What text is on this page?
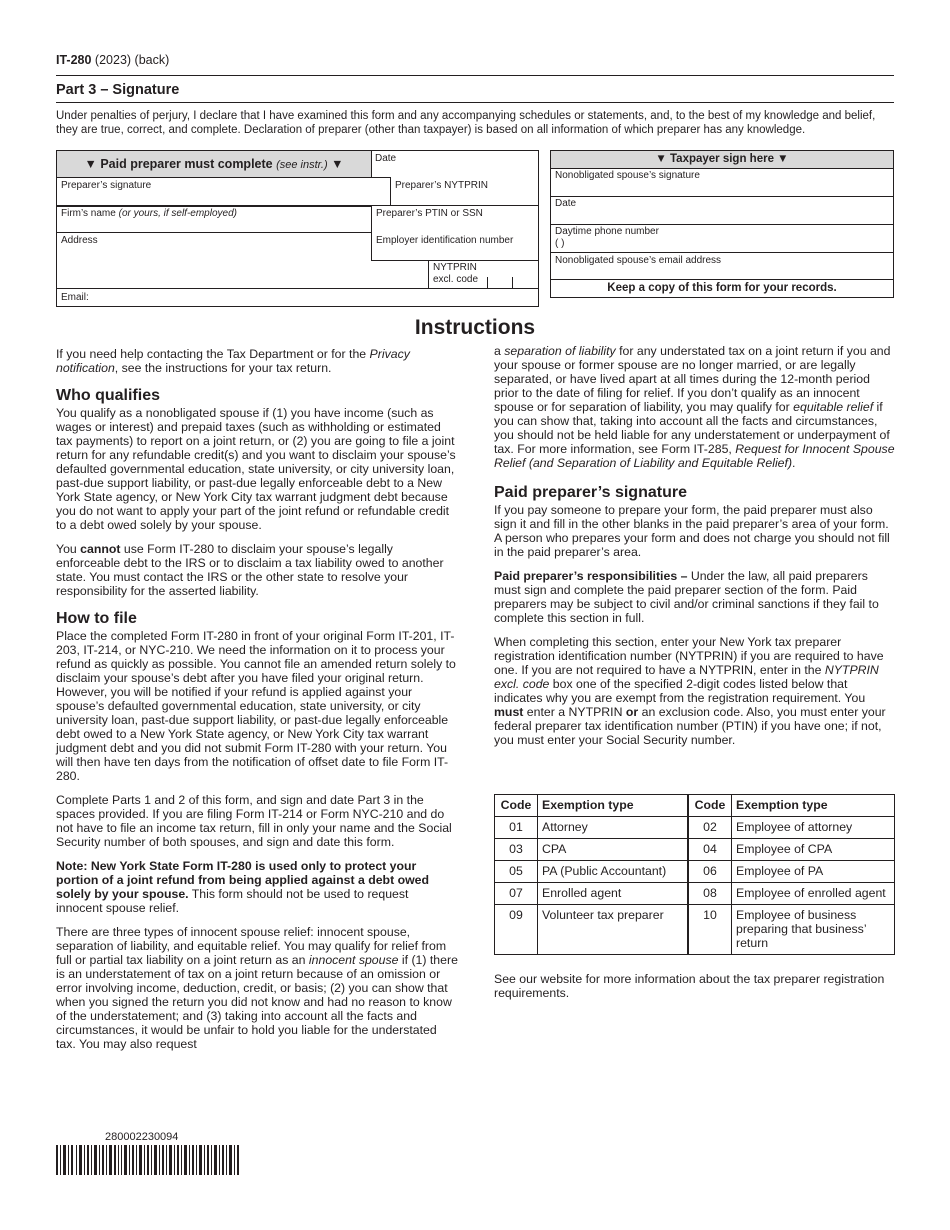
IT-280 (2023) (back)
Part 3 – Signature
Under penalties of perjury, I declare that I have examined this form and any accompanying schedules or statements, and, to the best of my knowledge and belief, they are true, correct, and complete. Declaration of preparer (other than taxpayer) is based on all information of which preparer has any knowledge.
▼ Paid preparer must complete (see instr.) ▼	Date
Preparer’s signature	Preparer’s NYTPRIN
Firm’s name (or yours, if self-employed)	Preparer’s PTIN or SSN
Address	Employer identification number
NYTPRIN
excl. code
Email:
▼ Taxpayer sign here ▼
Nonobligated spouse’s signature
Date
Daytime phone number
( )
Nonobligated spouse’s email address
Keep a copy of this form for your records.
Instructions

If you need help contacting the Tax Department or for the Privacy notification, see the instructions for your tax return.

Who qualifies

You qualify as a nonobligated spouse if (1) you have income (such as wages or interest) and prepaid taxes (such as withholding or estimated tax payments) to report on a joint return, or (2) you are going to file a joint return for any refundable credit(s) and you want to disclaim your spouse’s defaulted governmental education, state university, or city university loan, past-due support liability, or past-due legally enforceable debt to a New York State agency, or New York City tax warrant judgment debt because you do not want to apply your part of the joint refund or refundable credit to a debt owed solely by your spouse.

You cannot use Form IT-280 to disclaim your spouse’s legally enforceable debt to the IRS or to disclaim a tax liability owed to another state. You must contact the IRS or the other state to resolve your responsibility for the asserted liability.

How to file

Place the completed Form IT-280 in front of your original Form IT-201, IT-203, IT-214, or NYC-210. We need the information on it to process your refund as quickly as possible. You cannot file an amended return solely to disclaim your spouse’s debt after you have filed your original return. However, you will be notified if your refund is applied against your spouse’s defaulted governmental education, state university, or city university loan, past-due support liability, or past-due legally enforceable debt owed to a New York State agency, or New York City tax warrant judgment debt and you did not submit Form IT-280 with your return. You will then have ten days from the notification of offset date to file Form IT-280.

Complete Parts 1 and 2 of this form, and sign and date Part 3 in the spaces provided. If you are filing Form IT-214 or Form NYC-210 and do not have to file an income tax return, fill in only your name and the Social Security number of both spouses, and sign and date this form.

Note: New York State Form IT-280 is used only to protect your portion of a joint refund from being applied against a debt owed solely by your spouse. This form should not be used to request innocent spouse relief.

There are three types of innocent spouse relief: innocent spouse, separation of liability, and equitable relief. You may qualify for relief from full or partial tax liability on a joint return as an innocent spouse if (1) there is an understatement of tax on a joint return because of an omission or error involving income, deduction, credit, or basis; (2) you can show that when you signed the return you did not know and had no reason to know of the understatement; and (3) taking into account all the facts and circumstances, it would be unfair to hold you liable for the understated tax. You may also request

a separation of liability for any understated tax on a joint return if you and your spouse or former spouse are no longer married, or are legally separated, or have lived apart at all times during the 12-month period prior to the date of filing for relief. If you don’t qualify as an innocent spouse or for separation of liability, you may qualify for equitable relief if you can show that, taking into account all the facts and circumstances, you should not be held liable for any understatement or underpayment of tax. For more information, see Form IT-285, Request for Innocent Spouse Relief (and Separation of Liability and Equitable Relief).

Paid preparer’s signature

If you pay someone to prepare your form, the paid preparer must also sign it and fill in the other blanks in the paid preparer’s area of your form. A person who prepares your form and does not charge you should not fill in the paid preparer’s area.

Paid preparer’s responsibilities – Under the law, all paid preparers must sign and complete the paid preparer section of the form. Paid preparers may be subject to civil and/or criminal sanctions if they fail to complete this section in full.

When completing this section, enter your New York tax preparer registration identification number (NYTPRIN) if you are required to have one. If you are not required to have a NYTPRIN, enter in the NYTPRIN excl. code box one of the specified 2-digit codes listed below that indicates why you are exempt from the registration requirement. You must enter a NYTPRIN or an exclusion code. Also, you must enter your federal preparer tax identification number (PTIN) if you have one; if not, you must enter your Social Security number.

Code	Exemption type	Code	Exemption type
01	Attorney	02	Employee of attorney
03	CPA	04	Employee of CPA
05	PA (Public Accountant)	06	Employee of PA
07	Enrolled agent	08	Employee of enrolled agent
09	Volunteer tax preparer	10	Employee of business preparing that business’ return
See our website for more information about the tax preparer registration requirements.
280002230094
